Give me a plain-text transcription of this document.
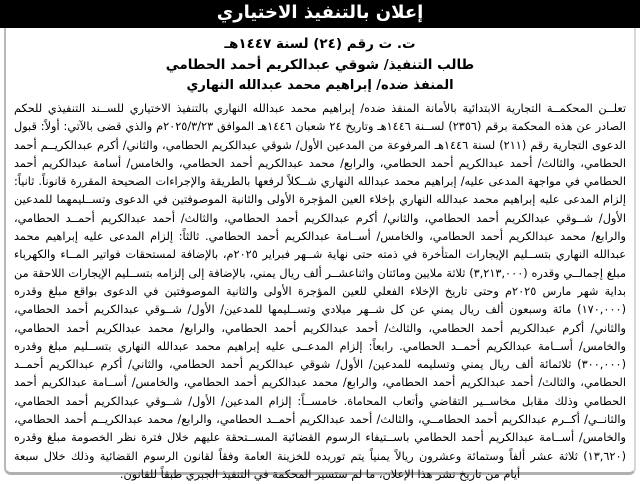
إعلان بالتنفيذ الاختياري
ت. ت رقم (٢٤) لسنة ١٤٤٧هـ
طالب التنفيذ/ شوقي عبدالكريم أحمد الحطامي
المنفذ ضده/ إبراهيم محمد عبدالله النهاري

تعلــن المحكمــة التجارية الابتدائية بالأمانة المنفذ ضده/ إبراهيم محمد عبدالله النهاري بالتنفيذ الاختياري للســند التنفيذي للحكم الصادر عن هذه المحكمة برقم (٢٣٥٦) لســنة ١٤٤٦هـ وتاريخ ٢٤ شعبان ١٤٤٦هـ الموافق ٢٠٢٥/٣/٢٣م والذي قضى بالآتي: أولاً: قبول الدعوى التجارية رقم (٢١١) لسنة ١٤٤٦هـ المرفوعة من المدعين الأول/ شوقي عبدالكريم الحطامي، والثاني/ أكرم عبدالكريــم أحمد الحطامي، والثالث/ أحمد عبدالكريم أحمد الحطامي، والرابع/ محمد عبدالكريم أحمد الحطامي، والخامس/ أسامة عبدالكريم أحمد الحطامي في مواجهة المدعى عليه/ إبراهيم محمد عبدالله النهاري شــكلاً لرفعها بالطريقة والإجراءات الصحيحة المقررة قانوناً. ثانياً: إلزام المدعى عليه إبراهيم محمد عبدالله النهاري بإخلاء العين المؤجرة الأولى والثانية الموصوفتين في الدعوى وتســليمهما للمدعين الأول/ شــوقي عبدالكريم أحمد الحطامي، والثاني/ أكرم عبدالكريم أحمد الحطامي، والثالث/ أحمد عبدالكريم أحمــد الحطامي، والرابع/ محمد عبدالكريم أحمد الحطامي، والخامس/ أســامة عبدالكريم أحمد الحطامي. ثالثاً: إلزام المدعى عليه إبراهيم محمد عبدالله النهاري بتســليم الإيجارات المتأخرة في ذمته حتى نهاية شــهر فبراير ٢٠٢٥م، بالإضافة لمستحقات فواتير المــاء والكهرباء مبلغ إجمالــي وقدره (٣,٢١٣,٠٠٠) ثلاثة ملايين ومائتان واثناعشــر ألف ريال يمني، بالإضافة إلى إلزامه بتســليم الإيجارات اللاحقة من بداية شهر مارس ٢٠٢٥م وحتى تاريخ الإخلاء الفعلي للعين المؤجرة الأولى والثانية الموصوفتين في الدعوى بواقع مبلغ وقدره (١٧٠,٠٠٠) مائة وسبعون ألف ريال يمني عن كل شــهر ميلادي وتســليمها للمدعين/ الأول/ شــوقي عبدالكريم أحمد الحطامي، والثاني/ أكرم عبدالكريم أحمد الحطامي، والثالث/ أحمد عبدالكريم أحمد الحطامي، والرابع/ محمد عبدالكريم أحمد الحطامي، والخامس/ أســامة عبدالكريم أحمــد الحطامي. رابعاً: إلزام المدعــى عليه إبراهيم محمد عبدالله النهاري بتســليم مبلغ وقدره (٣٠٠,٠٠٠) ثلاثمائة ألف ريال يمني وتسليمه للمدعين/ الأول/ شوقي عبدالكريم أحمد الحطامي، والثاني/ أكرم عبدالكريم أحمــد الحطامي، والثالث/ أحمد عبدالكريم أحمد الحطامي، والرابع/ محمد عبدالكريم أحمد الحطامي، والخامس/ أســامة عبدالكريم أحمد الحطامي وذلك مقابل مخاســير التقاضي وأتعاب المحاماة. خامســاً: إلزام المدعين/ الأول/ شــوقي عبدالكريم أحمد الحطامي، والثانــي/ أكــرم عبدالكريم أحمد الحطامــي، والثالث/ أحمد عبدالكريم أحمــد الحطامي، والرابع/ محمد عبدالكريــم أحمد الحطامي، والخامس/ أســامة عبدالكريم أحمد الحطامي باســتيفاء الرسوم القضائية المســتحقة عليهم خلال فترة نظر الخصومة مبلغ وقدره (١٣,٦٢٠) ثلاثة عشر ألفاً وستمائة وعشرون ريالاً يمنياً يتم توريده للخزينة العامة وفقاً لقانون الرسوم القضائية وذلك خلال سبعة

أيام من تاريخ نشر هذا الإعلان، ما لم ستسير المحكمة في التنفيذ الجبري طبقاً للقانون.
